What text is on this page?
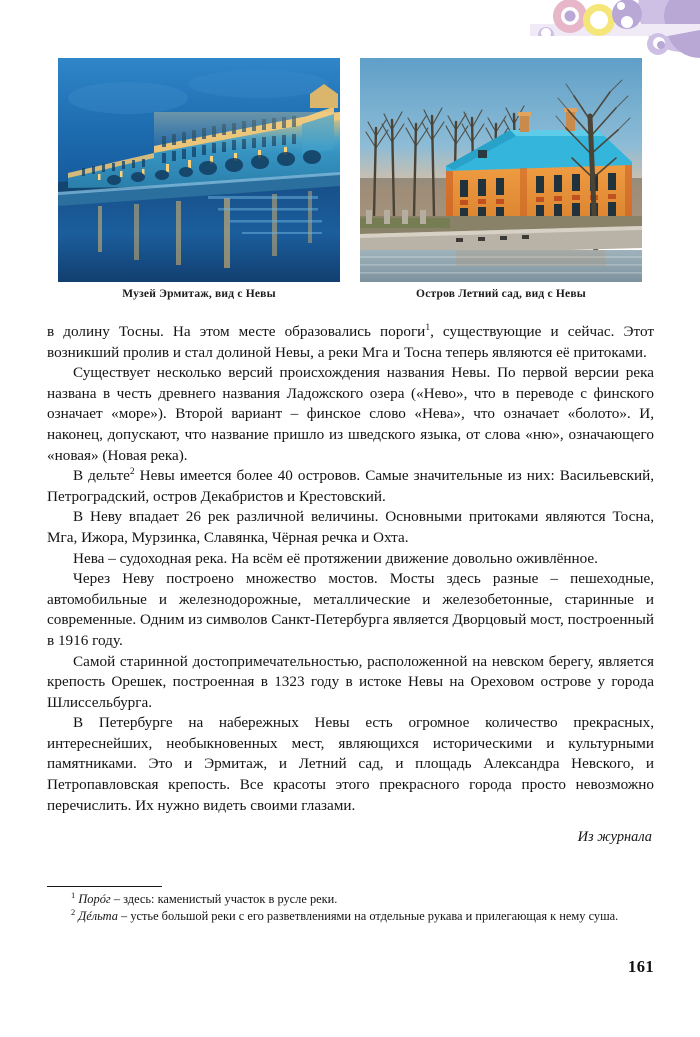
Музей Эрмитаж, вид с Невы	Остров Летний сад, вид с Невы

в долину Тосны. На этом месте образовались пороги$^1$, существующие и сейчас. Этот возникший пролив и стал долиной Невы, а реки Мга и Тосна теперь являются её притоками.

Существует несколько версий происхождения названия Невы. По первой версии река названа в честь древнего названия Ладожского озера («Нево», что в переводе с финского означает «море»). Второй вариант – финское слово «Нева», что означает «болото». И, наконец, допускают, что название пришло из шведского языка, от слова «ню», означающего «новая» (Новая река).

В дельте$^2$ Невы имеется более 40 островов. Самые значительные из них: Васильевский, Петроградский, остров Декабристов и Крестовский.

В Неву впадает 26 рек различной величины. Основными притоками являются Тосна, Мга, Ижора, Мурзинка, Славянка, Чёрная речка и Охта.

Нева – судоходная река. На всём её протяжении движение довольно оживлённое.

Через Неву построено множество мостов. Мосты здесь разные – пешеходные, автомобильные и железнодорожные, металлические и железобетонные, старинные и современные. Одним из символов Санкт-Петербурга является Дворцовый мост, построенный в 1916 году.

Самой старинной достопримечательностью, расположенной на невском берегу, является крепость Орешек, построенная в 1323 году в истоке Невы на Ореховом острове у города Шлиссельбурга.

В Петербурге на набережных Невы есть огромное количество прекрасных, интереснейших, необыкновенных мест, являющихся историческими и культурными памятниками. Это и Эрмитаж, и Летний сад, и площадь Александра Невского, и Петропавловская крепость. Все красоты этого прекрасного города просто невозможно перечислить. Их нужно видеть своими глазами.

Из журнала

$^1$ Порóг – здесь: каменистый участок в русле реки.

$^2$ Дéльта – устье большой реки с его разветвлениями на отдельные рукава и прилегающая к нему суша.

161
